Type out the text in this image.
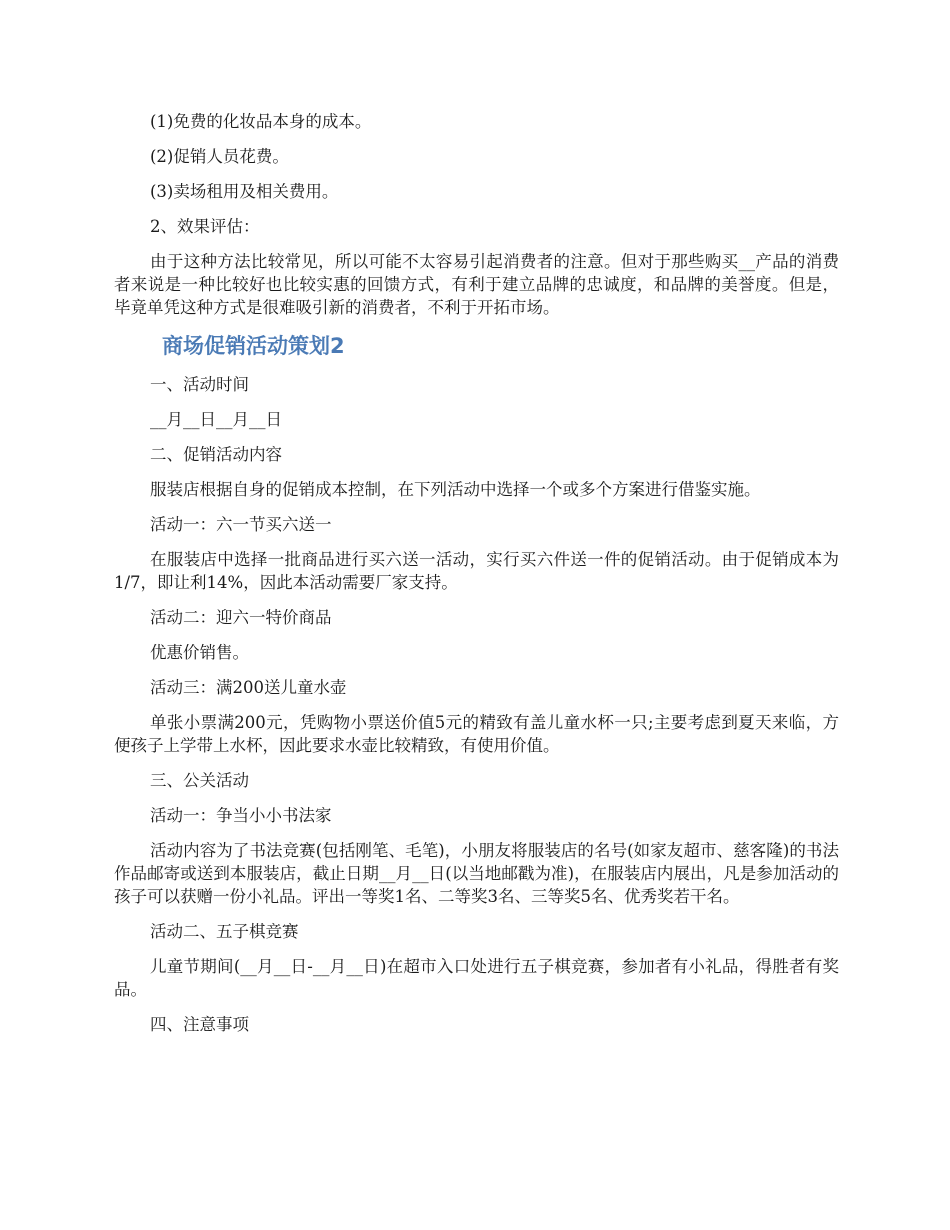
(1)免费的化妆品本身的成本。

(2)促销人员花费。

(3)卖场租用及相关费用。

2、效果评估：

由于这种方法比较常见，所以可能不太容易引起消费者的注意。但对于那些购买__产品的消费者来说是一种比较好也比较实惠的回馈方式，有利于建立品牌的忠诚度，和品牌的美誉度。但是，毕竟单凭这种方式是很难吸引新的消费者，不利于开拓市场。

商场促销活动策划2

一、活动时间

__月__日__月__日

二、促销活动内容

服装店根据自身的促销成本控制，在下列活动中选择一个或多个方案进行借鉴实施。

活动一：六一节买六送一

在服装店中选择一批商品进行买六送一活动，实行买六件送一件的促销活动。由于促销成本为1/7，即让利14%，因此本活动需要厂家支持。

活动二：迎六一特价商品

优惠价销售。

活动三：满200送儿童水壶

单张小票满200元，凭购物小票送价值5元的精致有盖儿童水杯一只;主要考虑到夏天来临，方便孩子上学带上水杯，因此要求水壶比较精致，有使用价值。

三、公关活动

活动一：争当小小书法家

活动内容为了书法竞赛(包括刚笔、毛笔)，小朋友将服装店的名号(如家友超市、慈客隆)的书法作品邮寄或送到本服装店，截止日期__月__日(以当地邮戳为准)，在服装店内展出，凡是参加活动的孩子可以获赠一份小礼品。评出一等奖1名、二等奖3名、三等奖5名、优秀奖若干名。

活动二、五子棋竞赛

儿童节期间(__月__日-__月__日)在超市入口处进行五子棋竞赛，参加者有小礼品，得胜者有奖品。

四、注意事项
